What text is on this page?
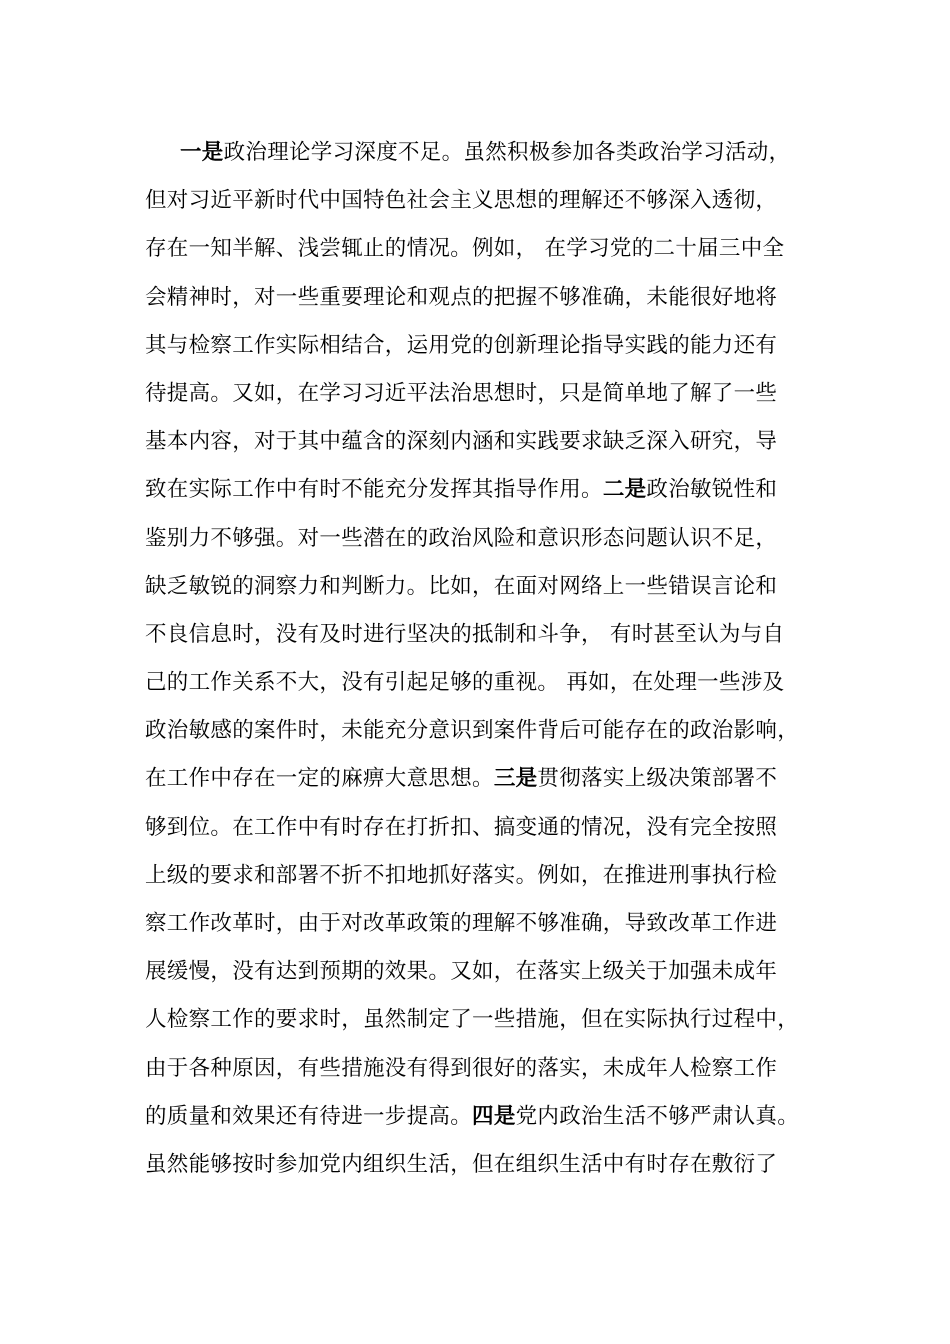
一是政治理论学习深度不足。虽然积极参加各类政治学习活动，
但对习近平新时代中国特色社会主义思想的理解还不够深入透彻，
存在一知半解、浅尝辄止的情况。例如， 在学习党的二十届三中全
会精神时，对一些重要理论和观点的把握不够准确，未能很好地将
其与检察工作实际相结合，运用党的创新理论指导实践的能力还有
待提高。又如，在学习习近平法治思想时，只是简单地了解了一些
基本内容，对于其中蕴含的深刻内涵和实践要求缺乏深入研究，导
致在实际工作中有时不能充分发挥其指导作用。二是政治敏锐性和
鉴别力不够强。对一些潜在的政治风险和意识形态问题认识不足，
缺乏敏锐的洞察力和判断力。比如，在面对网络上一些错误言论和
不良信息时，没有及时进行坚决的抵制和斗争， 有时甚至认为与自
己的工作关系不大，没有引起足够的重视。 再如，在处理一些涉及
政治敏感的案件时，未能充分意识到案件背后可能存在的政治影响，
在工作中存在一定的麻痹大意思想。三是贯彻落实上级决策部署不
够到位。在工作中有时存在打折扣、搞变通的情况，没有完全按照
上级的要求和部署不折不扣地抓好落实。例如，在推进刑事执行检
察工作改革时，由于对改革政策的理解不够准确，导致改革工作进
展缓慢，没有达到预期的效果。又如，在落实上级关于加强未成年
人检察工作的要求时，虽然制定了一些措施，但在实际执行过程中，
由于各种原因，有些措施没有得到很好的落实，未成年人检察工作
的质量和效果还有待进一步提高。四是党内政治生活不够严肃认真。
虽然能够按时参加党内组织生活，但在组织生活中有时存在敷衍了
